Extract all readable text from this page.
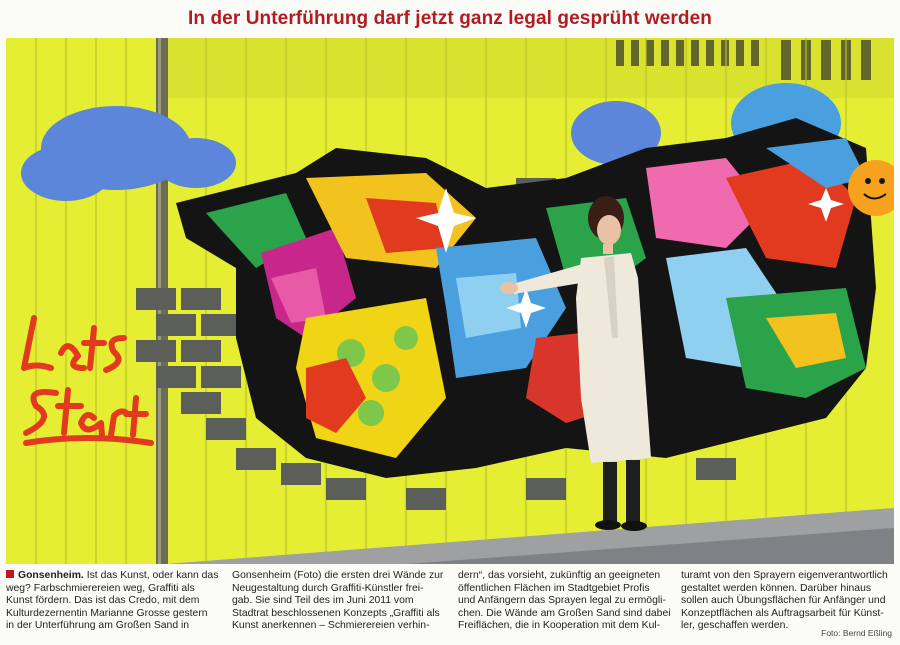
In der Unterführung darf jetzt ganz legal gesprüht werden
Gonsenheim. Ist das Kunst, oder kann das
weg? Farbschmierereien weg, Graffiti als
Kunst fördern. Das ist das Credo, mit dem
Kulturdezernentin Marianne Grosse gestern
in der Unterführung am Großen Sand in
Gonsenheim (Foto) die ersten drei Wände zur
Neugestaltung durch Graffiti-Künstler frei-
gab. Sie sind Teil des im Juni 2011 vom
Stadtrat beschlossenen Konzepts „Graffiti als
Kunst anerkennen – Schmierereien verhin-
dern“, das vorsieht, zukünftig an geeigneten
öffentlichen Flächen im Stadtgebiet Profis
und Anfängern das Sprayen legal zu ermögli-
chen. Die Wände am Großen Sand sind dabei
Freiflächen, die in Kooperation mit dem Kul-
turamt von den Sprayern eigenverantwortlich
gestaltet werden können. Darüber hinaus
sollen auch Übungsflächen für Anfänger und
Konzeptflächen als Auftragsarbeit für Künst-
ler, geschaffen werden.
Foto: Bernd Eßling
